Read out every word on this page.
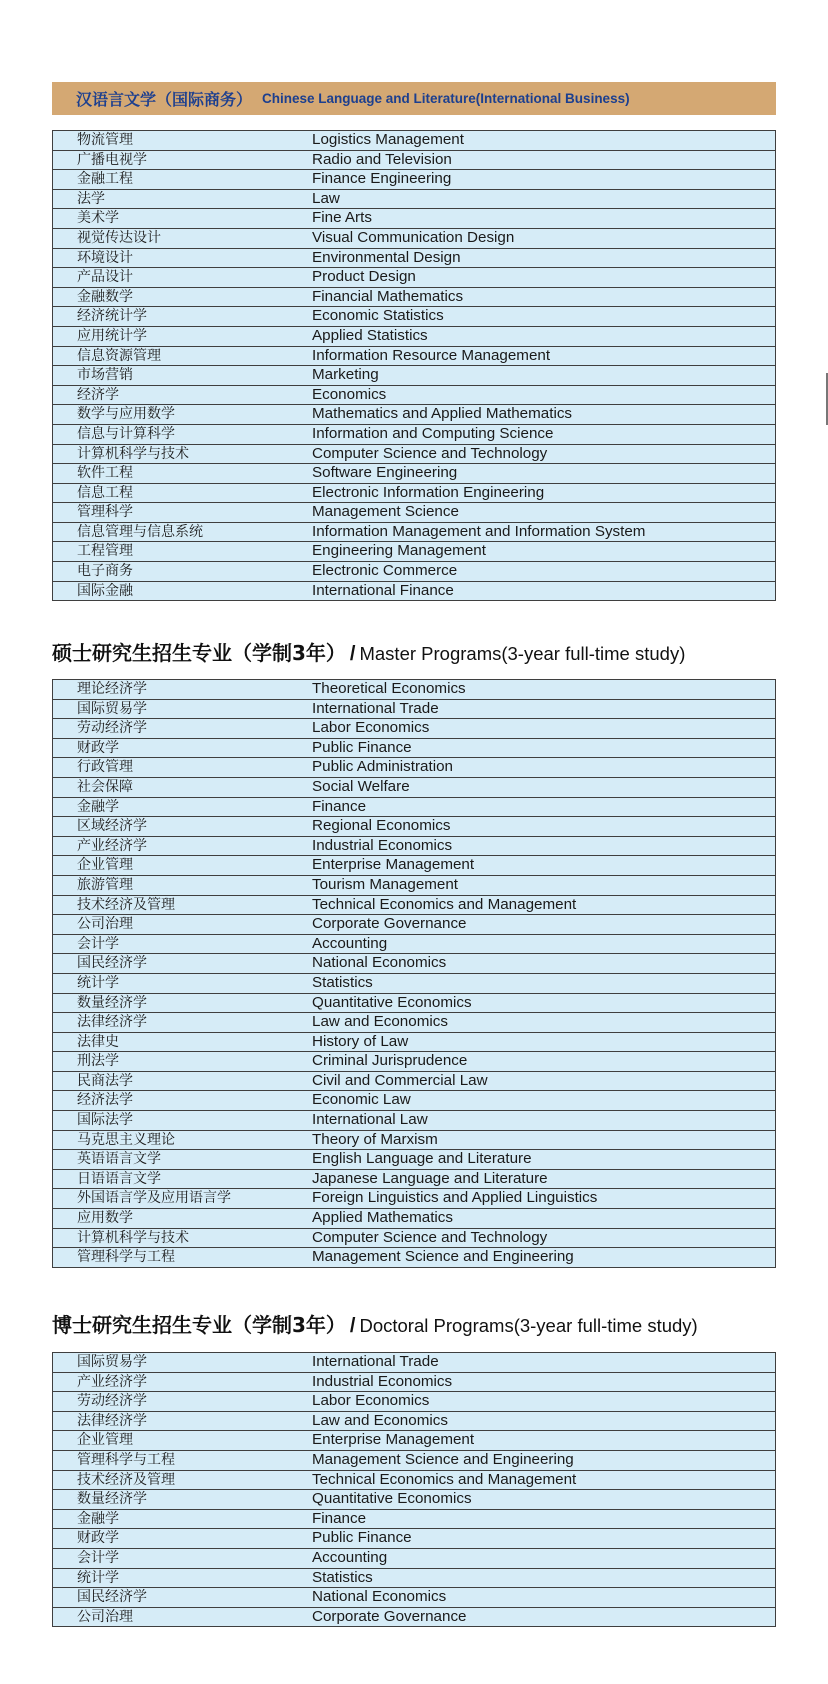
汉语言文学（国际商务） Chinese Language and Literature(International Business)
物流管理	Logistics Management
广播电视学	Radio and Television
金融工程	Finance Engineering
法学	Law
美术学	Fine Arts
视觉传达设计	Visual Communication Design
环境设计	Environmental Design
产品设计	Product Design
金融数学	Financial Mathematics
经济统计学	Economic Statistics
应用统计学	Applied Statistics
信息资源管理	Information Resource Management
市场营销	Marketing
经济学	Economics
数学与应用数学	Mathematics and Applied Mathematics
信息与计算科学	Information and Computing Science
计算机科学与技术	Computer Science and Technology
软件工程	Software Engineering
信息工程	Electronic Information Engineering
管理科学	Management Science
信息管理与信息系统	Information Management and Information System
工程管理	Engineering Management
电子商务	Electronic Commerce
国际金融	International Finance
硕士研究生招生专业（学制3年） / Master Programs(3-year full-time study)
理论经济学	Theoretical Economics
国际贸易学	International Trade
劳动经济学	Labor Economics
财政学	Public Finance
行政管理	Public Administration
社会保障	Social Welfare
金融学	Finance
区域经济学	Regional Economics
产业经济学	Industrial Economics
企业管理	Enterprise Management
旅游管理	Tourism Management
技术经济及管理	Technical Economics and Management
公司治理	Corporate Governance
会计学	Accounting
国民经济学	National Economics
统计学	Statistics
数量经济学	Quantitative Economics
法律经济学	Law and Economics
法律史	History of Law
刑法学	Criminal Jurisprudence
民商法学	Civil and Commercial Law
经济法学	Economic Law
国际法学	International Law
马克思主义理论	Theory of Marxism
英语语言文学	English Language and Literature
日语语言文学	Japanese Language and Literature
外国语言学及应用语言学	Foreign Linguistics and Applied Linguistics
应用数学	Applied Mathematics
计算机科学与技术	Computer Science and Technology
管理科学与工程	Management Science and Engineering
博士研究生招生专业（学制3年） / Doctoral Programs(3-year full-time study)
国际贸易学	International Trade
产业经济学	Industrial Economics
劳动经济学	Labor Economics
法律经济学	Law and Economics
企业管理	Enterprise Management
管理科学与工程	Management Science and Engineering
技术经济及管理	Technical Economics and Management
数量经济学	Quantitative Economics
金融学	Finance
财政学	Public Finance
会计学	Accounting
统计学	Statistics
国民经济学	National Economics
公司治理	Corporate Governance
